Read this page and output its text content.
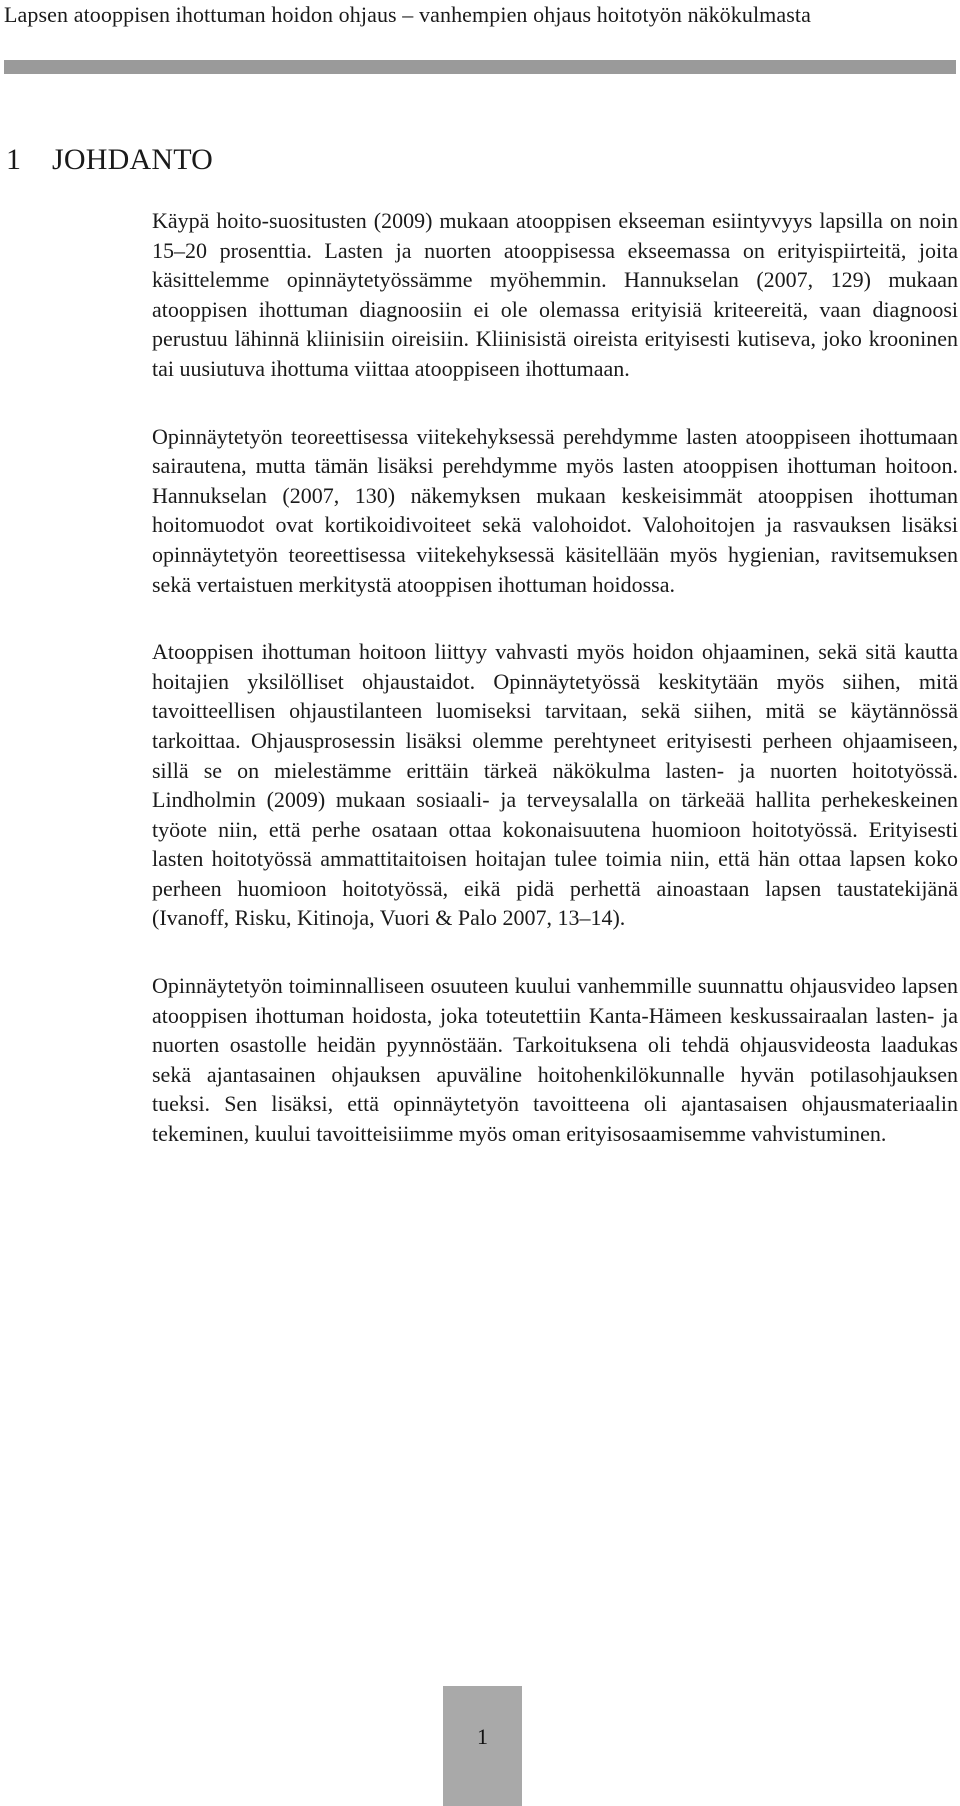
Lapsen atooppisen ihottuman hoidon ohjaus – vanhempien ohjaus hoitotyön näkökulmasta
1 JOHDANTO

Käypä hoito-suositusten (2009) mukaan atooppisen ekseeman esiintyvyys lapsilla on noin 15–20 prosenttia. Lasten ja nuorten atooppisessa ekseemassa on erityispiirteitä, joita käsittelemme opinnäytetyössämme myöhemmin. Hannukselan (2007, 129) mukaan atooppisen ihottuman diagnoosiin ei ole olemassa erityisiä kriteereitä, vaan diagnoosi perustuu lähinnä kliinisiin oireisiin. Kliinisistä oireista erityisesti kutiseva, joko krooninen tai uusiutuva ihottuma viittaa atooppiseen ihottumaan.

Opinnäytetyön teoreettisessa viitekehyksessä perehdymme lasten atooppiseen ihottumaan sairautena, mutta tämän lisäksi perehdymme myös lasten atooppisen ihottuman hoitoon. Hannukselan (2007, 130) näkemyksen mukaan keskeisimmät atooppisen ihottuman hoitomuodot ovat kortikoidivoiteet sekä valohoidot. Valohoitojen ja rasvauksen lisäksi opinnäytetyön teoreettisessa viitekehyksessä käsitellään myös hygienian, ravitsemuksen sekä vertaistuen merkitystä atooppisen ihottuman hoidossa.

Atooppisen ihottuman hoitoon liittyy vahvasti myös hoidon ohjaaminen, sekä sitä kautta hoitajien yksilölliset ohjaustaidot. Opinnäytetyössä keskitytään myös siihen, mitä tavoitteellisen ohjaustilanteen luomiseksi tarvitaan, sekä siihen, mitä se käytännössä tarkoittaa. Ohjausprosessin lisäksi olemme perehtyneet erityisesti perheen ohjaamiseen, sillä se on mielestämme erittäin tärkeä näkökulma lasten- ja nuorten hoitotyössä. Lindholmin (2009) mukaan sosiaali- ja terveysalalla on tärkeää hallita perhekeskeinen työote niin, että perhe osataan ottaa kokonaisuutena huomioon hoitotyössä. Erityisesti lasten hoitotyössä ammattitaitoisen hoitajan tulee toimia niin, että hän ottaa lapsen koko perheen huomioon hoitotyössä, eikä pidä perhettä ainoastaan lapsen taustatekijänä (Ivanoff, Risku, Kitinoja, Vuori & Palo 2007, 13–14).

Opinnäytetyön toiminnalliseen osuuteen kuului vanhemmille suunnattu ohjausvideo lapsen atooppisen ihottuman hoidosta, joka toteutettiin Kanta-Hämeen keskussairaalan lasten- ja nuorten osastolle heidän pyynnöstään. Tarkoituksena oli tehdä ohjausvideosta laadukas sekä ajantasainen ohjauksen apuväline hoitohenkilökunnalle hyvän potilasohjauksen tueksi. Sen lisäksi, että opinnäytetyön tavoitteena oli ajantasaisen ohjausmateriaalin tekeminen, kuului tavoitteisiimme myös oman erityisosaamisemme vahvistuminen.

1
